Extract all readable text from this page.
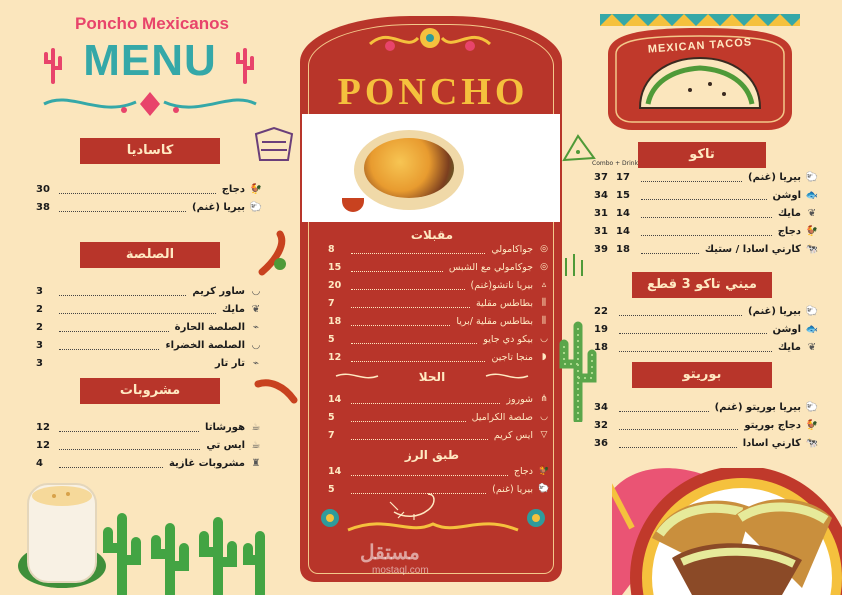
Poncho Mexicanos
MENU
كاساديا
🐓
دجاج
30
🐑
بيريا (غنم)
38
الصلصة
◡
ساور كريم
3
❦
مايك
2
⌁
الصلصة الحارة
2
◡
الصلصة الخضراء
3
⌁
تار تار
3
مشروبات
☕
هورشاتا
12
☕
ايس تي
12
♜
مشروبات غازية
4
PONCHO
مقبلات
◎
جواكامولي
8
◎
جوكامولي مع الشبس
15
▵
بيريا ناتشو(غنم)
20
⫼
بطاطس مقلية
7
⫼
بطاطس مقلية /بريا
18
◡
بيكو دي جايو
5
◗
منجا تاجين
12
الحلا
⋔
شوروز
14
◡
صلصة الكراميل
5
▽
ايس كريم
7
طبق الرز
🐓
دجاج
14
🐑
بيريا (غنم)
5
مستقل
mostaql.com
MEXICAN TACOS
تاكو
Combo + Drink
🐑
بيريا (غنم)
17
37
🐟
اوشن
15
34
❦
مايك
14
31
🐓
دجاج
14
31
🐄
كارني اسادا / ستيك
18
39
ميني تاكو 3 قطع
🐑
بيريا (غنم)
22
🐟
اوشن
19
❦
مايك
18
بوريتو
🐑
بيريا بوريتو (غنم)
34
🐓
دجاج بوريتو
32
🐄
كارني اسادا
36
